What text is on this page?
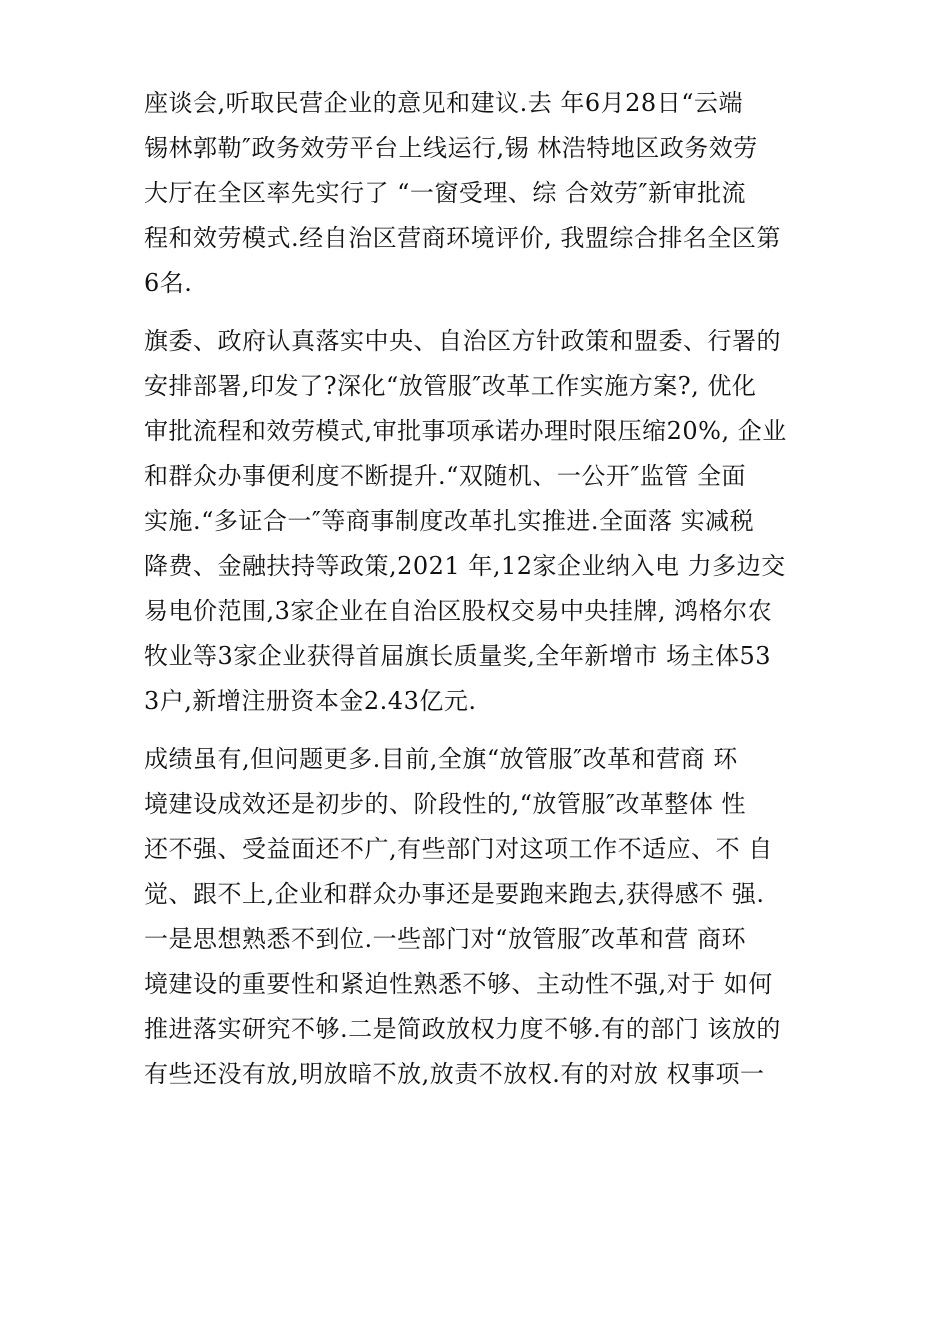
座谈会,听取民营企业的意见和建议.去 年6月28日“云端
锡林郭勒″政务效劳平台上线运行,锡 林浩特地区政务效劳
大厅在全区率先实行了 “一窗受理、综 合效劳″新审批流
程和效劳模式.经自治区营商环境评价, 我盟综合排名全区第
6名.
旗委、政府认真落实中央、自治区方针政策和盟委、行署的
安排部署,印发了?深化“放管服″改革工作实施方案?, 优化
审批流程和效劳模式,审批事项承诺办理时限压缩20%, 企业
和群众办事便利度不断提升.“双随机、一公开″监管 全面
实施.“多证合一″等商事制度改革扎实推进.全面落 实减税
降费、金融扶持等政策,2021 年,12家企业纳入电 力多边交
易电价范围,3家企业在自治区股权交易中央挂牌, 鸿格尔农
牧业等3家企业获得首届旗长质量奖,全年新增市 场主体53
3户,新增注册资本金2.43亿元.
成绩虽有,但问题更多.目前,全旗“放管服″改革和营商 环
境建设成效还是初步的、阶段性的,“放管服″改革整体 性
还不强、受益面还不广,有些部门对这项工作不适应、不 自
觉、跟不上,企业和群众办事还是要跑来跑去,获得感不 强.
一是思想熟悉不到位.一些部门对“放管服″改革和营 商环
境建设的重要性和紧迫性熟悉不够、主动性不强,对于 如何
推进落实研究不够.二是简政放权力度不够.有的部门 该放的
有些还没有放,明放暗不放,放责不放权.有的对放 权事项一
